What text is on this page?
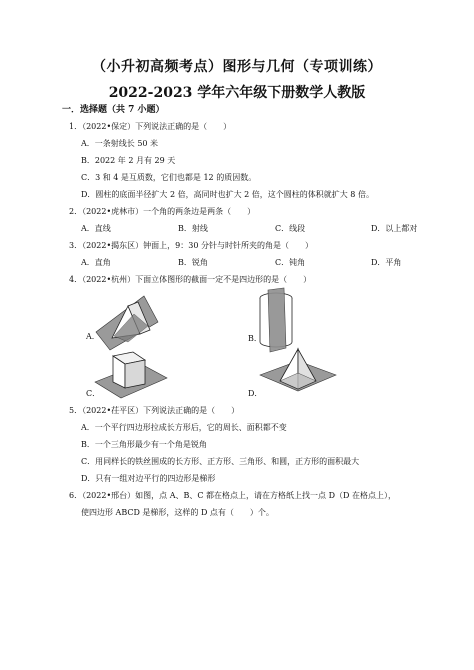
（小升初高频考点）图形与几何（专项训练）
2022-2023 学年六年级下册数学人教版
一．选择题（共 7 小题）
1．（2022•保定）下列说法正确的是（　　）
A．一条射线长 50 米
B．2022 年 2 月有 29 天
C．3 和 4 是互质数，它们也都是 12 的质因数。
D．圆柱的底面半径扩大 2 倍，高同时也扩大 2 倍，这个圆柱的体积就扩大 8 倍。
2．（2022•虎林市）一个角的两条边是两条（　　）
A．直线	B．射线	C．线段	D．以上都对
3．（2022•揭东区）钟面上，9：30 分针与时针所夹的角是（　　）
A．直角	B．锐角	C．钝角	D．平角
4．（2022•杭州）下面立体图形的截面一定不是四边形的是（　　）
A．	B．
C．	D．
5．（2022•茌平区）下列说法正确的是（　　）
A．一个平行四边形拉成长方形后，它的周长、面积都不变
B．一个三角形最少有一个角是锐角
C．用同样长的铁丝围成的长方形、正方形、三角形、和圆，正方形的面积最大
D．只有一组对边平行的四边形是梯形
6．（2022•邢台）如图，点 A、B、C 都在格点上，请在方格纸上找一点 D（D 在格点上），
使四边形 ABCD 是梯形，这样的 D 点有（　　）个。
